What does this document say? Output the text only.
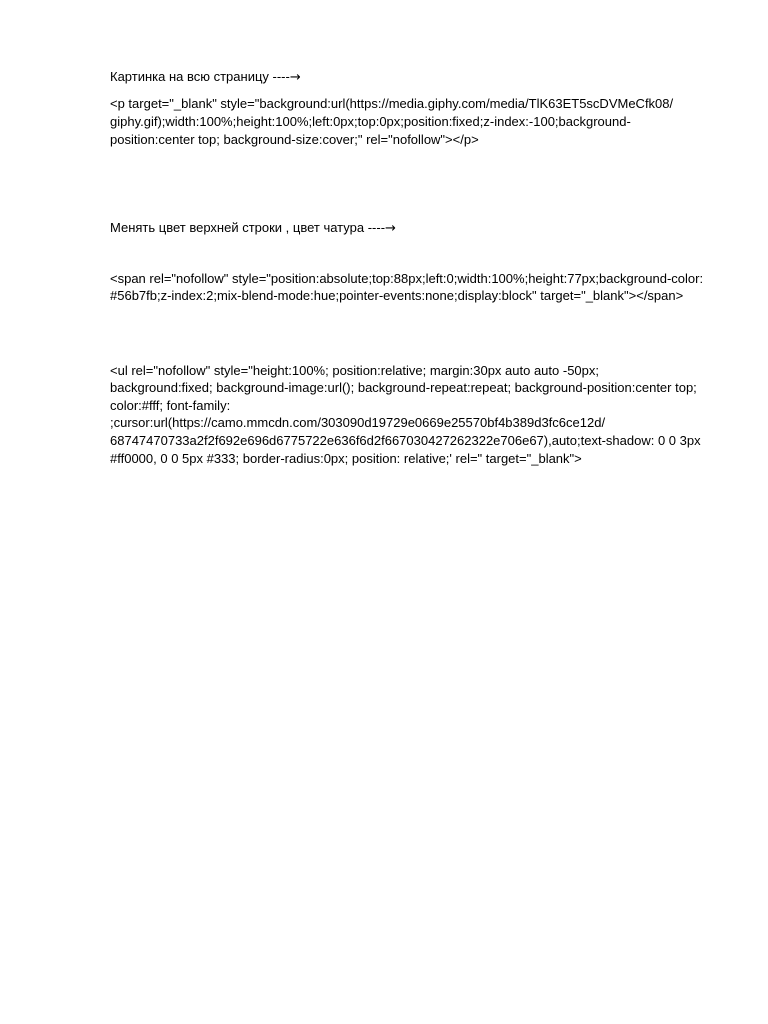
Картинка на всю страницу ----→

<p target="_blank" style="background:url(https://media.giphy.com/media/TlK63ET5scDVMeCfk08/

giphy.gif);width:100%;height:100%;left:0px;top:0px;position:fixed;z-index:-100;background-

position:center top; background-size:cover;" rel="nofollow"></p>

Менять цвет верхней строки , цвет чатура ----→

<span rel="nofollow" style="position:absolute;top:88px;left:0;width:100%;height:77px;background-color:

#56b7fb;z-index:2;mix-blend-mode:hue;pointer-events:none;display:block" target="_blank"></span>

<ul rel="nofollow" style="height:100%; position:relative; margin:30px auto auto -50px;

background:fixed; background-image:url(); background-repeat:repeat; background-position:center top;

color:#fff; font-family:

;cursor:url(https://camo.mmcdn.com/303090d19729e0669e25570bf4b389d3fc6ce12d/

68747470733a2f2f692e696d6775722e636f6d2f667030427262322e706e67),auto;text-shadow: 0 0 3px

#ff0000, 0 0 5px #333; border-radius:0px; position: relative;' rel=" target="_blank">
